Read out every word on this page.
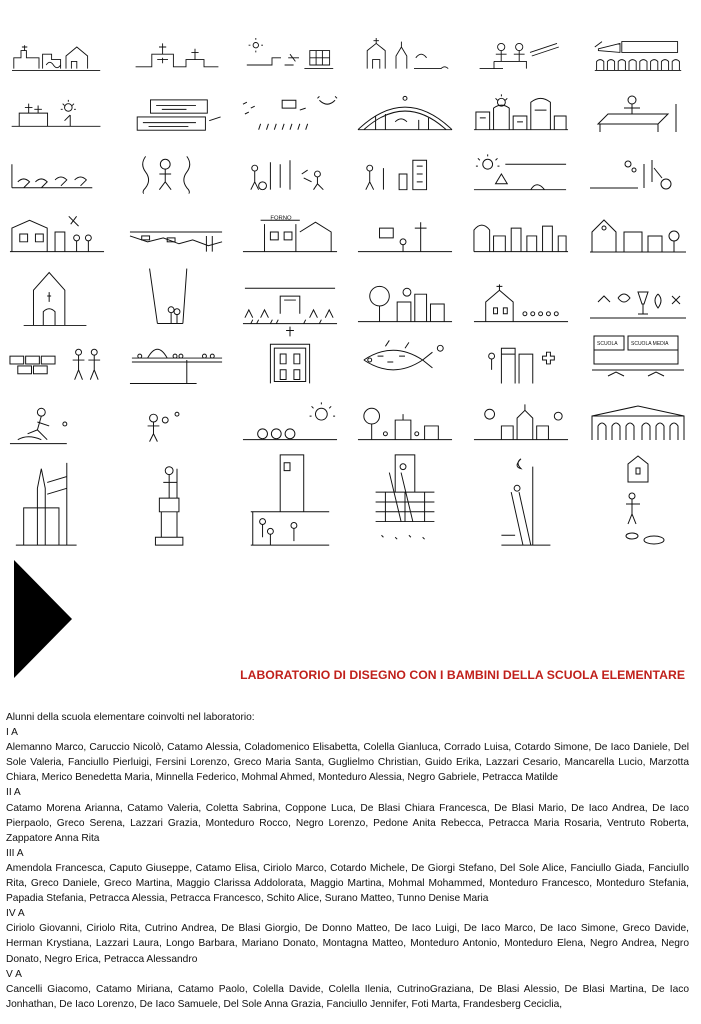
FORNO
SCUOLA	SCUOLA MEDIA
LABORATORIO DI DISEGNO CON I BAMBINI DELLA SCUOLA ELEMENTARE

Alunni della scuola elementare coinvolti nel laboratorio:

I A

Alemanno Marco, Caruccio Nicolò, Catamo Alessia, Coladomenico Elisabetta, Colella Gianluca, Corrado Luisa, Cotardo Simone, De Iaco Daniele, Del Sole Valeria, Fanciullo Pierluigi, Fersini Lorenzo, Greco Maria Santa, Guglielmo Christian, Guido Erika, Lazzari Cesario, Mancarella Lucio, Marzotta Chiara, Merico Benedetta Maria, Minnella Federico, Mohmal Ahmed, Monteduro Alessia, Negro Gabriele, Petracca Matilde

II A

Catamo Morena Arianna, Catamo Valeria, Coletta Sabrina, Coppone Luca, De Blasi Chiara Francesca, De Blasi Mario, De Iaco Andrea, De Iaco Pierpaolo, Greco Serena, Lazzari Grazia, Monteduro Rocco, Negro Lorenzo, Pedone Anita Rebecca, Petracca Maria Rosaria, Ventruto Roberta, Zappatore Anna Rita

III A

Amendola Francesca, Caputo Giuseppe, Catamo Elisa, Ciriolo Marco, Cotardo Michele, De Giorgi Stefano, Del Sole Alice, Fanciullo Giada, Fanciullo Rita, Greco Daniele, Greco Martina, Maggio Clarissa Addolorata, Maggio Martina, Mohmal Mohammed, Monteduro Francesco, Monteduro Stefania, Papadia Stefania, Petracca Alessia, Petracca Francesco, Schito Alice, Surano Matteo, Tunno Denise Maria

IV A

Ciriolo Giovanni, Ciriolo Rita, Cutrino Andrea, De Blasi Giorgio, De Donno Matteo, De Iaco Luigi, De Iaco Marco, De Iaco Simone, Greco Davide, Herman Krystiana, Lazzari Laura, Longo Barbara, Mariano Donato, Montagna Matteo, Monteduro Antonio, Monteduro Elena, Negro Andrea, Negro Donato, Negro Erica, Petracca Alessandro

V A

Cancelli Giacomo, Catamo Miriana, Catamo Paolo, Colella Davide, Colella Ilenia, CutrinoGraziana, De Blasi Alessio, De Blasi Martina, De Iaco Jonhathan, De Iaco Lorenzo, De Iaco Samuele, Del Sole Anna Grazia, Fanciullo Jennifer, Foti Marta, Frandesberg Ceciclia,
